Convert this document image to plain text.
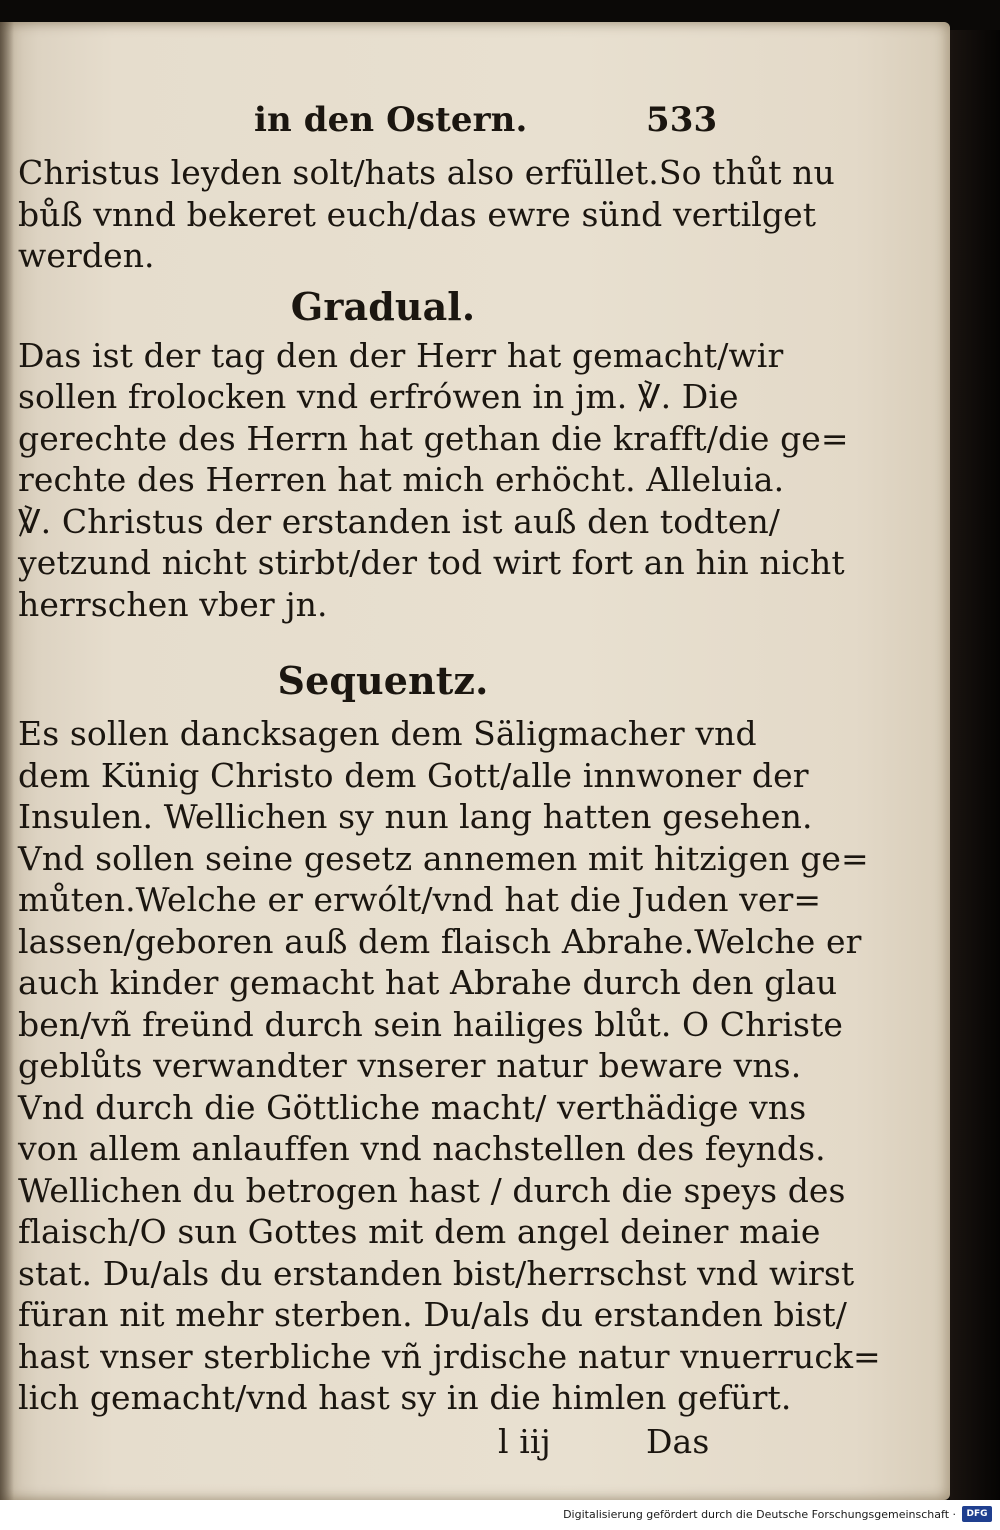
in den Ostern.	533
Christus leyden solt/hats also erfüllet.So thůt nu
bůß vnnd bekeret euch/das ewre sünd vertilget
werden.
Gradual.
Das ist der tag den der Herr hat gemacht/wir
sollen frolocken vnd erfrówen in jm. ℣. Die
gerechte des Herrn hat gethan die krafft/die ge=
rechte des Herren hat mich erhöcht. Alleluia.
℣. Christus der erstanden ist auß den todten/
yetzund nicht stirbt/der tod wirt fort an hin nicht
herrschen vber jn.
Sequentz.
Es sollen dancksagen dem Säligmacher vnd
dem Künig Christo dem Gott/alle innwoner der
Insulen. Wellichen sy nun lang hatten gesehen.
Vnd sollen seine gesetz annemen mit hitzigen ge=
můten.Welche er erwólt/vnd hat die Juden ver=
lassen/geboren auß dem flaisch Abrahe.Welche er
auch kinder gemacht hat Abrahe durch den glau
ben/vñ freünd durch sein hailiges blůt. O Christe
geblůts verwandter vnserer natur beware vns.
Vnd durch die Göttliche macht/ verthädige vns
von allem anlauffen vnd nachstellen des feynds.
Wellichen du betrogen hast / durch die speys des
flaisch/O sun Gottes mit dem angel deiner maie
stat. Du/als du erstanden bist/herrschst vnd wirst
füran nit mehr sterben. Du/als du erstanden bist/
hast vnser sterbliche vñ jrdische natur vnuerruck=
lich gemacht/vnd hast sy in die himlen gefürt.
l iij	Das
Digitalisierung gefördert durch die Deutsche Forschungsgemeinschaft ·	DFG
